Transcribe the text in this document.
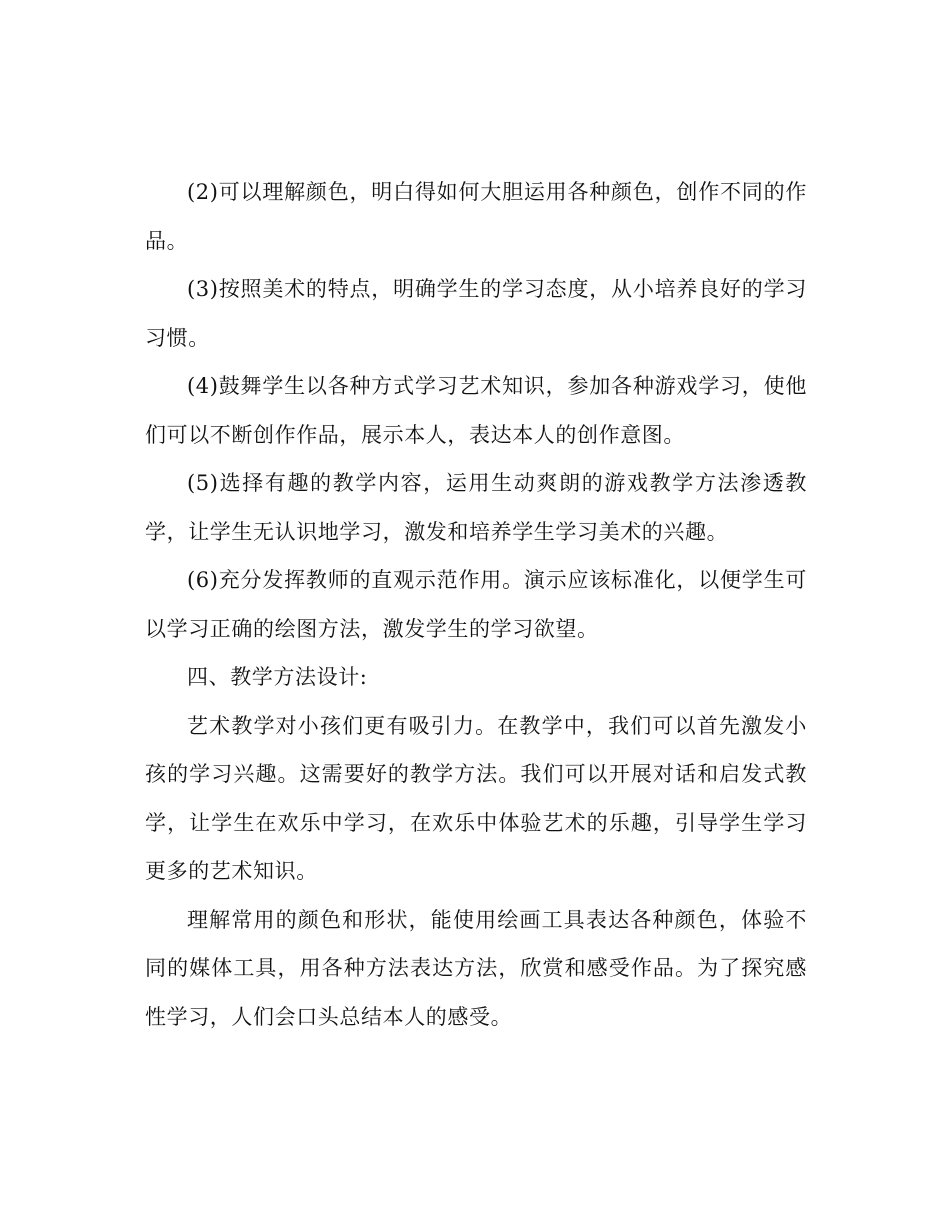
(2)可以理解颜色，明白得如何大胆运用各种颜色，创作不同的作品。

(3)按照美术的特点，明确学生的学习态度，从小培养良好的学习习惯。

(4)鼓舞学生以各种方式学习艺术知识，参加各种游戏学习，使他们可以不断创作作品，展示本人，表达本人的创作意图。

(5)选择有趣的教学内容，运用生动爽朗的游戏教学方法渗透教学，让学生无认识地学习，激发和培养学生学习美术的兴趣。

(6)充分发挥教师的直观示范作用。演示应该标准化，以便学生可以学习正确的绘图方法，激发学生的学习欲望。

四、教学方法设计:

艺术教学对小孩们更有吸引力。在教学中，我们可以首先激发小孩的学习兴趣。这需要好的教学方法。我们可以开展对话和启发式教学，让学生在欢乐中学习，在欢乐中体验艺术的乐趣，引导学生学习更多的艺术知识。

理解常用的颜色和形状，能使用绘画工具表达各种颜色，体验不同的媒体工具，用各种方法表达方法，欣赏和感受作品。为了探究感性学习，人们会口头总结本人的感受。
